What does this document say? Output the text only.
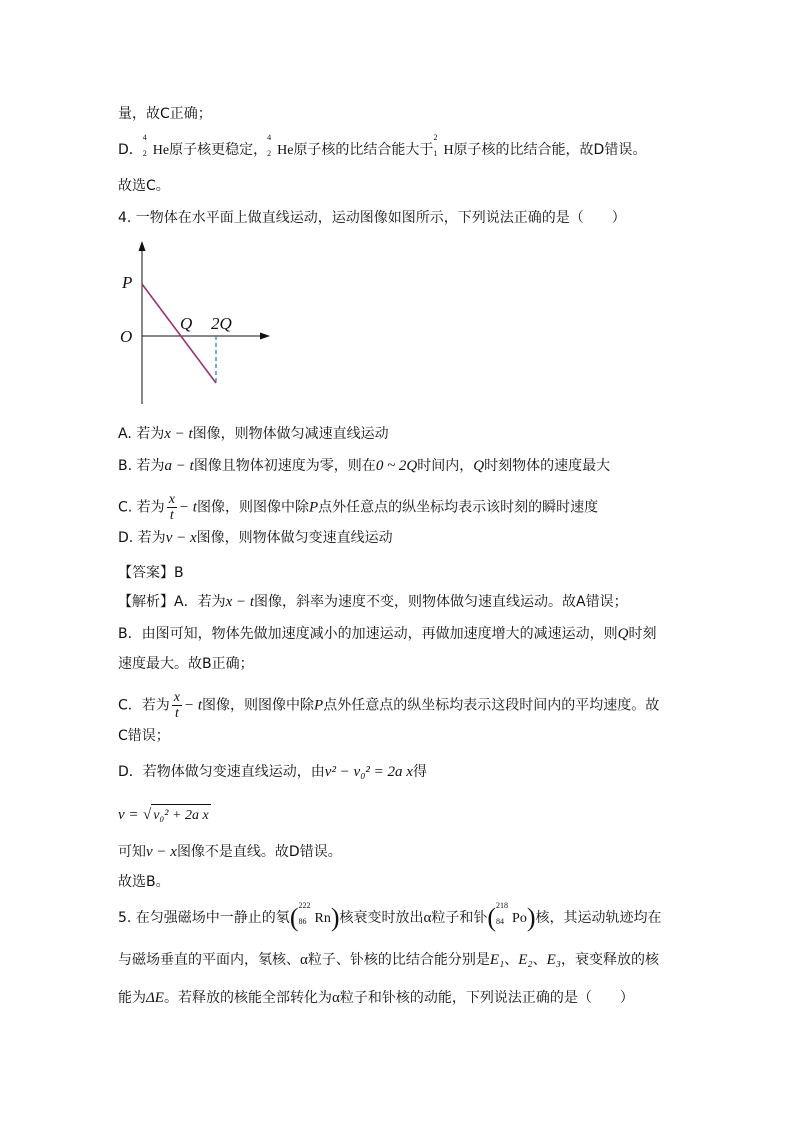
量，故C正确；
D．
4
2 He原子核更稳定，
4
2 He原子核的比结合能大于
2
1 H原子核的比结合能，故D错误。
故选C。
4. 一物体在水平面上做直线运动，运动图像如图所示，下列说法正确的是（　　）
P
O
Q 2Q
A. 若为x − t图像，则物体做匀减速直线运动
B. 若为a − t图像且物体初速度为零，则在0 ~ 2Q时间内，Q时刻物体的速度最大
C. 若为 $\frac{x}{t} - t$图像，则图像中除P点外任意点的纵坐标均表示该时刻的瞬时速度
D. 若为v − x图像，则物体做匀变速直线运动
【答案】B
【解析】A．若为x − t图像，斜率为速度不变，则物体做匀速直线运动。故A错误；
B．由图可知，物体先做加速度减小的加速运动，再做加速度增大的减速运动，则Q时刻
速度最大。故B正确；
C．若为 $\frac{x}{t} - t$图像，则图像中除P点外任意点的纵坐标均表示这段时间内的平均速度。故
C错误；
D．若物体做匀变速直线运动，由v² − v₀² = 2a x得
v = √ v₀² + 2a x
可知v − x图像不是直线。故D错误。
故选B。
5. 在匀强磁场中一静止的氡( 222
86 Rn)核衰变时放出α粒子和钋( 218
84 Po)核，其运动轨迹均在
与磁场垂直的平面内，氡核、α粒子、钋核的比结合能分别是E₁、E₂、E₃，衰变释放的核
能为ΔE。若释放的核能全部转化为α粒子和钋核的动能，下列说法正确的是（　　）
